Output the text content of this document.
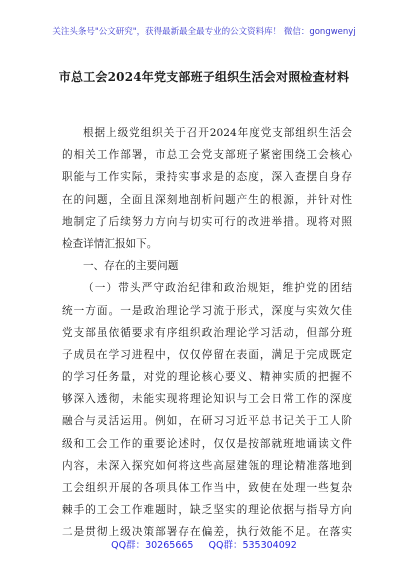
关注头条号"公文研究"，获得最新最全最专业的公文资料库！ 微信：gongwenyj
市总工会2024年党支部班子组织生活会对照检查材料
根据上级党组织关于召开2024年度党支部组织生活会
的相关工作部署，市总工会党支部班子紧密围绕工会核心
职能与工作实际，秉持实事求是的态度，深入查摆自身存
在的问题，全面且深刻地剖析问题产生的根源，并针对性
地制定了后续努力方向与切实可行的改进举措。现将对照
检查详情汇报如下。
一、存在的主要问题
（一）带头严守政治纪律和政治规矩，维护党的团结
统一方面。一是政治理论学习流于形式，深度与实效欠佳
党支部虽依循要求有序组织政治理论学习活动，但部分班
子成员在学习进程中，仅仅停留在表面，满足于完成既定
的学习任务量，对党的理论核心要义、精神实质的把握不
够深入透彻，未能实现将理论知识与工会日常工作的深度
融合与灵活运用。例如，在研习习近平总书记关于工人阶
级和工会工作的重要论述时，仅仅是按部就班地诵读文件
内容，未深入探究如何将这些高屋建瓴的理论精准落地到
工会组织开展的各项具体工作当中，致使在处理一些复杂
棘手的工会工作难题时，缺乏坚实的理论依据与指导方向
二是贯彻上级决策部署存在偏差，执行效能不足。在落实
QQ群：30265665 QQ群：535304092
